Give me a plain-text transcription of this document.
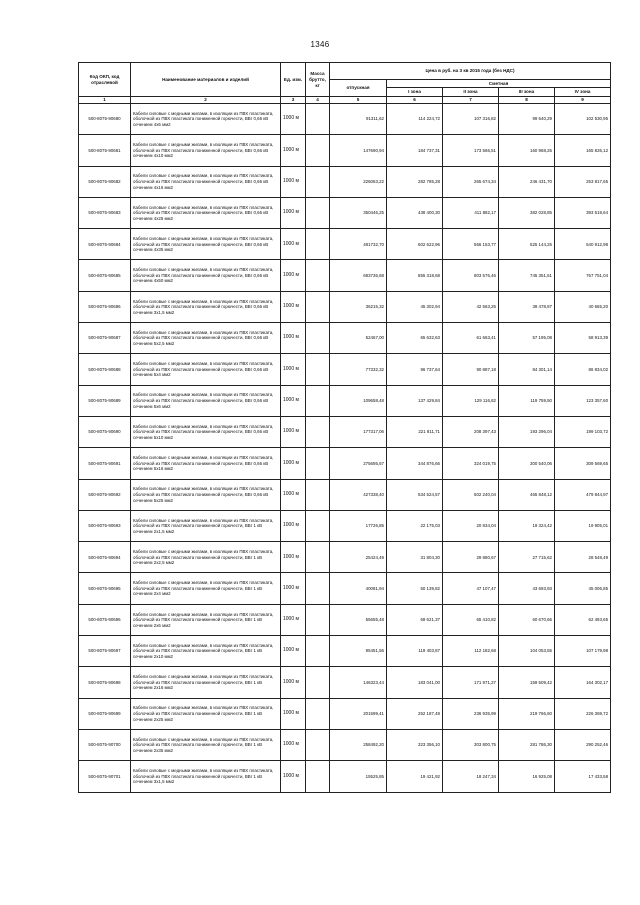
1346
Код ОКП, код отраслевой	Наименование материалов и изделий	Ед. изм.	Масса брутто, кг	Цена в руб. на 3 кв 2015 года (без НДС)				
				отпускная	Сметная			
					I зона	II зона	III зона	IV зона
1	2	3	4	5	6	7	8	9
500-8075-90680	Кабели силовые с медными жилами, в изоляции из ПВХ пластиката, оболочкой из ПВХ пластиката пониженной горючести, ВВг 0,66 кВ сечением 4х6 мм2	1000 м		91311,62	114 224,72	107 316,82	99 540,29	102 530,95
500-8075-90681	Кабели силовые с медными жилами, в изоляции из ПВХ пластиката, оболочкой из ПВХ пластиката пониженной горючести, ВВг 0,66 кВ сечением 4х10 мм2	1000 м		147690,94	184 737,31	173 566,51	160 968,25	165 826,12
500-8075-90682	Кабели силовые с медными жилами, в изоляции из ПВХ пластиката, оболочкой из ПВХ пластиката пониженной горючести, ВВг 0,66 кВ сечением 4х16 мм2	1000 м		226063,22	282 785,28	265 674,34	246 431,70	253 817,65
500-8075-90683	Кабели силовые с медными жилами, в изоляции из ПВХ пластиката, оболочкой из ПВХ пластиката пониженной горючести, ВВг 0,66 кВ сечением 4х25 мм2	1000 м		350446,25	438 400,30	411 882,17	382 028,85	393 519,64
500-8075-90684	Кабели силовые с медными жилами, в изоляции из ПВХ пластиката, оболочкой из ПВХ пластиката пониженной горючести, ВВг 0,66 кВ сечением 4х35 мм2	1000 м		481732,70	602 622,96	566 153,77	525 144,25	540 912,98
500-8075-90685	Кабели силовые с медными жилами, в изоляции из ПВХ пластиката, оболочкой из ПВХ пластиката пониженной горючести, ВВг 0,66 кВ сечением 4х50 мм2	1000 м		683736,68	855 318,68	803 576,46	745 351,61	767 751,04
500-8075-90686	Кабели силовые с медными жилами, в изоляции из ПВХ пластиката, оболочкой из ПВХ пластиката пониженной горючести, ВВг 0,66 кВ сечением 3х1,5 мм2	1000 м		36215,32	45 302,94	42 563,25	39 478,87	40 665,20
500-8075-90687	Кабели силовые с медными жилами, в изоляции из ПВХ пластиката, оболочкой из ПВХ пластиката пониженной горючести, ВВг 0,66 кВ сечением 5х2,5 мм2	1000 м		52467,00	65 632,63	61 663,41	57 195,08	58 913,39
500-8075-90688	Кабели силовые с медными жилами, в изоляции из ПВХ пластиката, оболочкой из ПВХ пластиката пониженной горючести, ВВг 0,66 кВ сечением 5х4 мм2	1000 м		77332,32	96 737,64	90 887,18	84 301,14	86 834,02
500-8075-90689	Кабели силовые с медными жилами, в изоляции из ПВХ пластиката, оболочкой из ПВХ пластиката пониженной горючести, ВВг 0,66 кВ сечением 5х6 мм2	1000 м		109658,48	137 429,84	129 116,82	119 759,50	123 357,60
500-8075-90690	Кабели силовые с медными жилами, в изоляции из ПВХ пластиката, оболочкой из ПВХ пластиката пониженной горючести, ВВг 0,66 кВ сечением 5х10 мм2	1000 м		177317,06	221 811,71	208 397,43	193 296,04	199 103,72
500-8075-90691	Кабели силовые с медными жилами, в изоляции из ПВХ пластиката, оболочкой из ПВХ пластиката пониженной горючести, ВВг 0,66 кВ сечением 5х16 мм2	1000 м		275695,67	344 876,66	324 019,75	300 540,06	309 569,65
500-8075-90692	Кабели силовые с медными жилами, в изоляции из ПВХ пластиката, оболочкой из ПВХ пластиката пониженной горючести, ВВг 0,66 кВ сечением 5х25 мм2	1000 м		427338,40	534 524,57	502 240,04	465 848,12	479 844,97
500-8075-90693	Кабели силовые с медными жилами, в изоляции из ПВХ пластиката, оболочкой из ПВХ пластиката пониженной горючести, ВВг 1 кВ сечением 2х1,5 мм2	1000 м		17726,85	22 175,03	20 834,04	19 324,42	19 905,01
500-8075-90694	Кабели силовые с медными жилами, в изоляции из ПВХ пластиката, оболочкой из ПВХ пластиката пониженной горючести, ВВг 1 кВ сечением 2х2,5 мм2	1000 м		25424,49	31 804,30	29 880,67	27 715,62	28 548,49
500-8075-90695	Кабели силовые с медными жилами, в изоляции из ПВХ пластиката, оболочкой из ПВХ пластиката пониженной горючести, ВВг 1 кВ сечением 2х4 мм2	1000 м		40081,94	50 139,82	47 107,47	43 693,93	45 006,85
500-8075-90696	Кабели силовые с медными жилами, в изоляции из ПВХ пластиката, оболочкой из ПВХ пластиката пониженной горючести, ВВг 1 кВ сечением 2х6 мм2	1000 м		55655,48	69 621,37	65 410,82	60 670,66	62 493,65
500-8075-90697	Кабели силовые с медными жилами, в изоляции из ПВХ пластиката, оболочкой из ПВХ пластиката пониженной горючести, ВВг 1 кВ сечением 2х10 мм2	1000 м		95451,56	119 403,87	112 182,68	104 053,55	107 179,98
500-8075-90698	Кабели силовые с медными жилами, в изоляции из ПВХ пластиката, оболочкой из ПВХ пластиката пониженной горючести, ВВг 1 кВ сечением 2х16 мм2	1000 м		146323,44	183 041,00	171 971,27	159 509,42	164 302,17
500-8075-90699	Кабели силовые с медными жилами, в изоляции из ПВХ пластиката, оболочкой из ПВХ пластиката пониженной горючести, ВВг 1 кВ сечением 2х25 мм2	1000 м		201599,41	252 187,48	236 935,99	219 766,60	226 369,72
500-8075-90700	Кабели силовые с медными жилами, в изоляции из ПВХ пластиката, оболочкой из ПВХ пластиката пониженной горючести, ВВг 1 кВ сечением 2х35 мм2	1000 м		258492,20	323 356,10	303 800,75	281 786,30	290 252,46
500-8075-90701	Кабели силовые с медными жилами, в изоляции из ПВХ пластиката, оболочкой из ПВХ пластиката пониженной горючести, ВВг 1 кВ сечением 3х1,5 мм2	1000 м		15525,85	19 421,92	18 247,34	16 925,08	17 433,58
